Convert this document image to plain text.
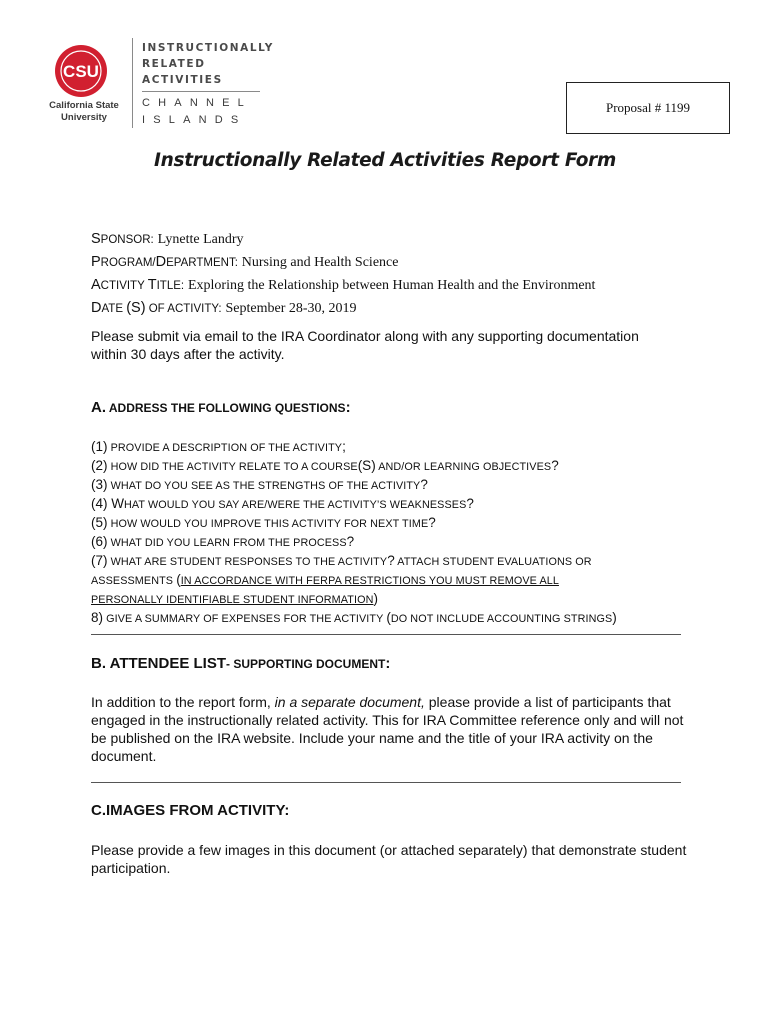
CSU
California State
University
INSTRUCTIONALLY
RELATED
ACTIVITIES
CHANNEL
ISLANDS
Proposal # 1199
Instructionally Related Activities Report Form
SPONSOR: Lynette Landry
PROGRAM/DEPARTMENT: Nursing and Health Science
ACTIVITY TITLE: Exploring the Relationship between Human Health and the Environment
DATE (S) OF ACTIVITY: September 28-30, 2019
Please submit via email to the IRA Coordinator along with any supporting documentation within 30 days after the activity.
A. ADDRESS THE FOLLOWING QUESTIONS:
(1) PROVIDE A DESCRIPTION OF THE ACTIVITY;
(2) HOW DID THE ACTIVITY RELATE TO A COURSE(S) AND/OR LEARNING OBJECTIVES?
(3) WHAT DO YOU SEE AS THE STRENGTHS OF THE ACTIVITY?
(4) WHAT WOULD YOU SAY ARE/WERE THE ACTIVITY’S WEAKNESSES?
(5) HOW WOULD YOU IMPROVE THIS ACTIVITY FOR NEXT TIME?
(6) WHAT DID YOU LEARN FROM THE PROCESS?
(7) WHAT ARE STUDENT RESPONSES TO THE ACTIVITY? ATTACH STUDENT EVALUATIONS OR
ASSESSMENTS (IN ACCORDANCE WITH FERPA RESTRICTIONS YOU MUST REMOVE ALL
PERSONALLY IDENTIFIABLE STUDENT INFORMATION)
8) GIVE A SUMMARY OF EXPENSES FOR THE ACTIVITY (DO NOT INCLUDE ACCOUNTING STRINGS)
B. ATTENDEE LIST- SUPPORTING DOCUMENT:
In addition to the report form, in a separate document, please provide a list of participants that engaged in the instructionally related activity. This for IRA Committee reference only and will not be published on the IRA website. Include your name and the title of your IRA activity on the document.
C.IMAGES FROM ACTIVITY:
Please provide a few images in this document (or attached separately) that demonstrate student participation.
